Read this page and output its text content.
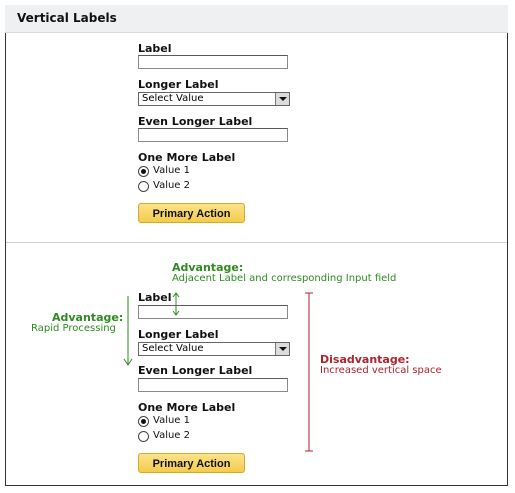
Vertical Labels
Label
Longer Label
Select Value
Even Longer Label
One More Label
Value 1
Value 2
Primary Action
Advantage:
Adjacent Label and corresponding Input field
Advantage:
Rapid Processing
Disadvantage:
Increased vertical space
Label
Longer Label
Select Value
Even Longer Label
One More Label
Value 1
Value 2
Primary Action
